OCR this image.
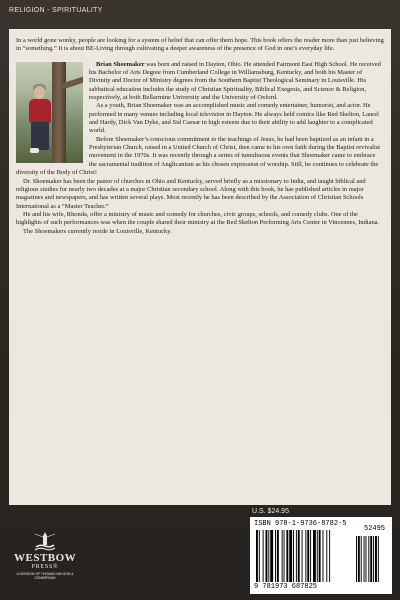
RELIGION - SPIRITUALITY

In a world gone wonky, people are looking for a system of belief that can offer them hope. This book offers the reader more than just believing in “something.” It is about BE-Living through cultivating a deeper awareness of the presence of God in one’s everyday life.

Brian Shoemaker was born and raised in Dayton, Ohio. He attended Fairmont East High School. He received his Bachelor of Arts Degree from Cumberland College in Williamsburg, Kentucky, and both his Master of Divinity and Doctor of Ministry degrees from the Southern Baptist Theological Seminary in Louisville. His sabbatical education includes the study of Christian Spirituality, Biblical Exegesis, and Science & Religion, respectively, at both Bellarmine University and the University of Oxford.

As a youth, Brian Shoemaker was an accomplished music and comedy entertainer, humorist, and actor. He performed in many venues including local television in Dayton. He always held comics like Red Skelton, Laurel and Hardy, Dick Van Dyke, and Sid Caesar in high esteem due to their ability to add laughter to a complicated world.

Before Shoemaker’s conscious commitment to the teachings of Jesus, he had been baptized as an infant in a Presbyterian Church, raised in a United Church of Christ, then came to his own faith during the Baptist revivalist movement in the 1970s. It was recently through a series of tumultuous events that Shoemaker came to embrace the sacramental tradition of Anglicanism as his chosen expression of worship. Still, he continues to celebrate the diversity of the Body of Christ!

Dr. Shoemaker has been the pastor of churches in Ohio and Kentucky, served briefly as a missionary to India, and taught biblical and religious studies for nearly two decades at a major Christian secondary school. Along with this book, he has published articles in major magazines and newspapers, and has written several plays. Most recently he has been described by the Association of Christian Schools International as a “Master Teacher.”

He and his wife, Rhonda, offer a ministry of music and comedy for churches, civic groups, schools, and comedy clubs. One of the highlights of such performances was when the couple shared their ministry at the Red Skelton Performing Arts Center in Vincennes, Indiana.

The Shoemakers currently reside in Louisville, Kentucky.

U.S. $24.95
ISBN 978-1-9736-8782-5
52495
9 781973 687825
WESTBOW
PRESS®
A DIVISION OF THOMAS NELSON & ZONDERVAN
